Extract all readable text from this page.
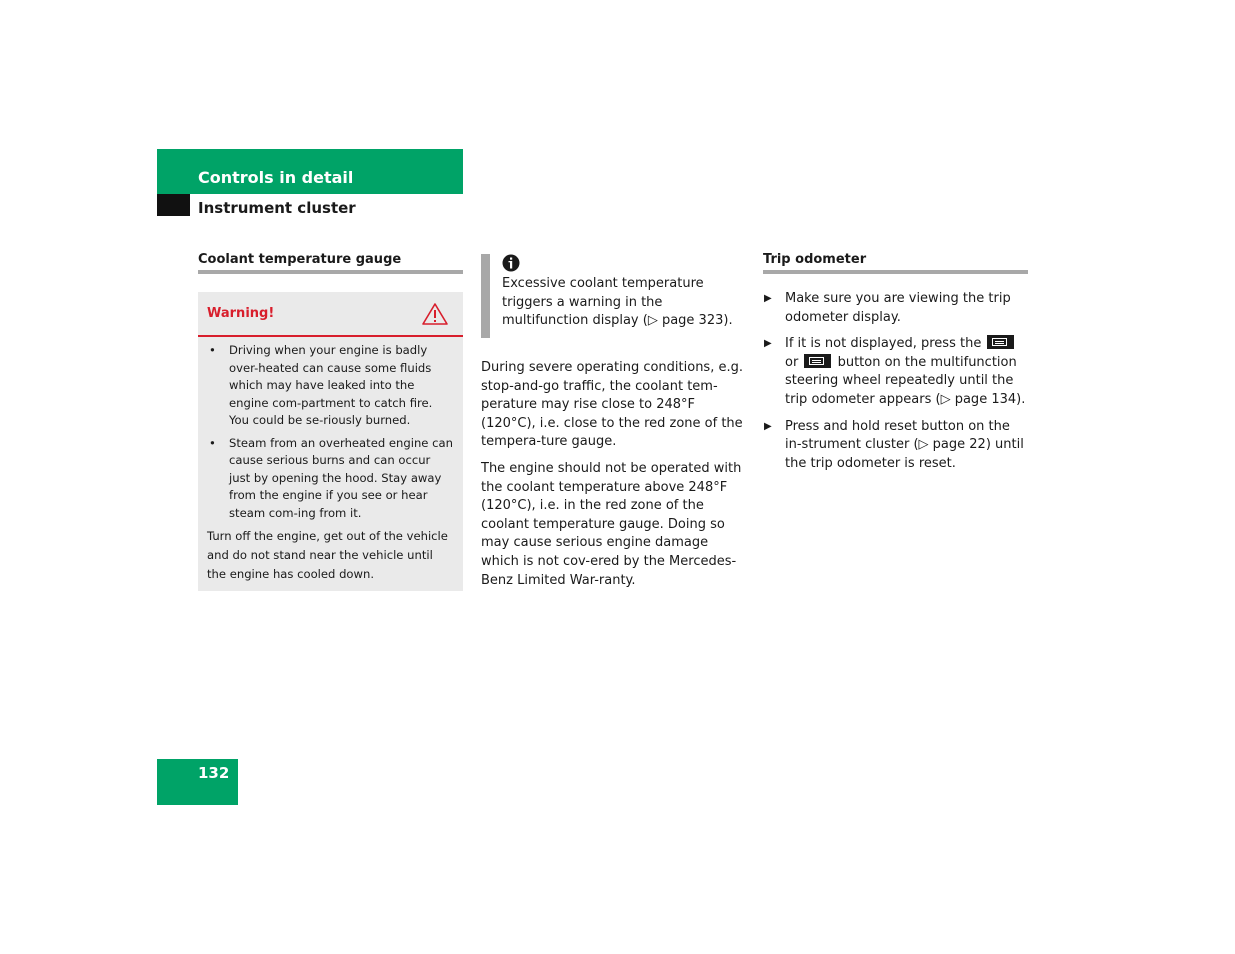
Controls in detail
Instrument cluster
Coolant temperature gauge
Warning!
• Driving when your engine is badly over-heated can cause some fluids which may have leaked into the engine com-partment to catch fire. You could be se-riously burned.
• Steam from an overheated engine can cause serious burns and can occur just by opening the hood. Stay away from the engine if you see or hear steam com-ing from it.
Turn off the engine, get out of the vehicle and do not stand near the vehicle until the engine has cooled down.
Excessive coolant temperature triggers a warning in the multifunction display (▷ page 323).

During severe operating conditions, e.g. stop-and-go traffic, the coolant tem-perature may rise close to 248°F (120°C), i.e. close to the red zone of the tempera-ture gauge.

The engine should not be operated with the coolant temperature above 248°F (120°C), i.e. in the red zone of the coolant temperature gauge. Doing so may cause serious engine damage which is not cov-ered by the Mercedes-Benz Limited War-ranty.

Trip odometer
▶ Make sure you are viewing the trip odometer display.
▶ If it is not displayed, press the  or	button on the multifunction steering wheel repeatedly until the trip odometer appears (▷ page 134).
▶ Press and hold reset button on the in-strument cluster (▷ page 22) until the trip odometer is reset.
132
